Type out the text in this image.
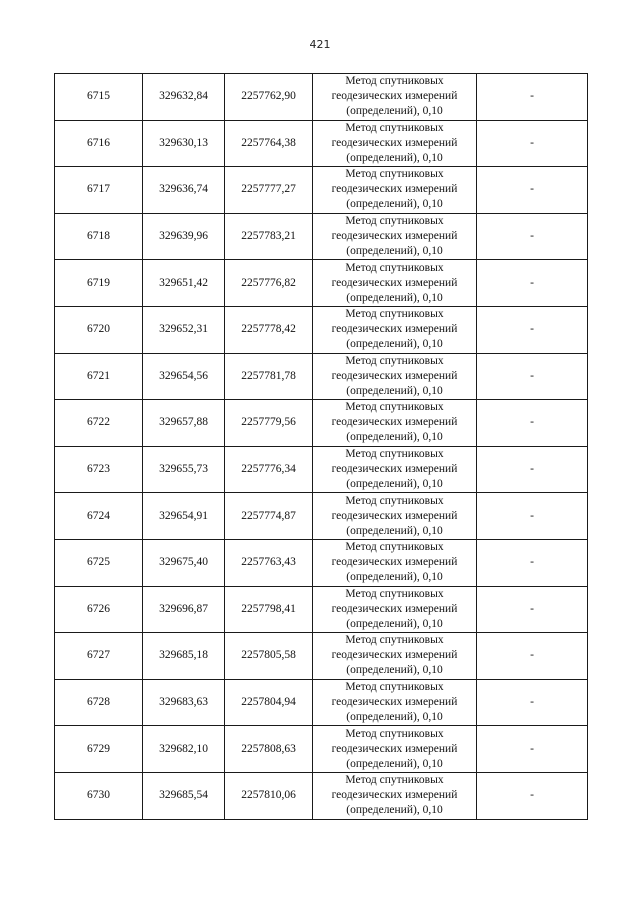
421
6715	329632,84	2257762,90	Метод спутниковых
геодезических измерений
(определений), 0,10	-
6716	329630,13	2257764,38	Метод спутниковых
геодезических измерений
(определений), 0,10	-
6717	329636,74	2257777,27	Метод спутниковых
геодезических измерений
(определений), 0,10	-
6718	329639,96	2257783,21	Метод спутниковых
геодезических измерений
(определений), 0,10	-
6719	329651,42	2257776,82	Метод спутниковых
геодезических измерений
(определений), 0,10	-
6720	329652,31	2257778,42	Метод спутниковых
геодезических измерений
(определений), 0,10	-
6721	329654,56	2257781,78	Метод спутниковых
геодезических измерений
(определений), 0,10	-
6722	329657,88	2257779,56	Метод спутниковых
геодезических измерений
(определений), 0,10	-
6723	329655,73	2257776,34	Метод спутниковых
геодезических измерений
(определений), 0,10	-
6724	329654,91	2257774,87	Метод спутниковых
геодезических измерений
(определений), 0,10	-
6725	329675,40	2257763,43	Метод спутниковых
геодезических измерений
(определений), 0,10	-
6726	329696,87	2257798,41	Метод спутниковых
геодезических измерений
(определений), 0,10	-
6727	329685,18	2257805,58	Метод спутниковых
геодезических измерений
(определений), 0,10	-
6728	329683,63	2257804,94	Метод спутниковых
геодезических измерений
(определений), 0,10	-
6729	329682,10	2257808,63	Метод спутниковых
геодезических измерений
(определений), 0,10	-
6730	329685,54	2257810,06	Метод спутниковых
геодезических измерений
(определений), 0,10	-
